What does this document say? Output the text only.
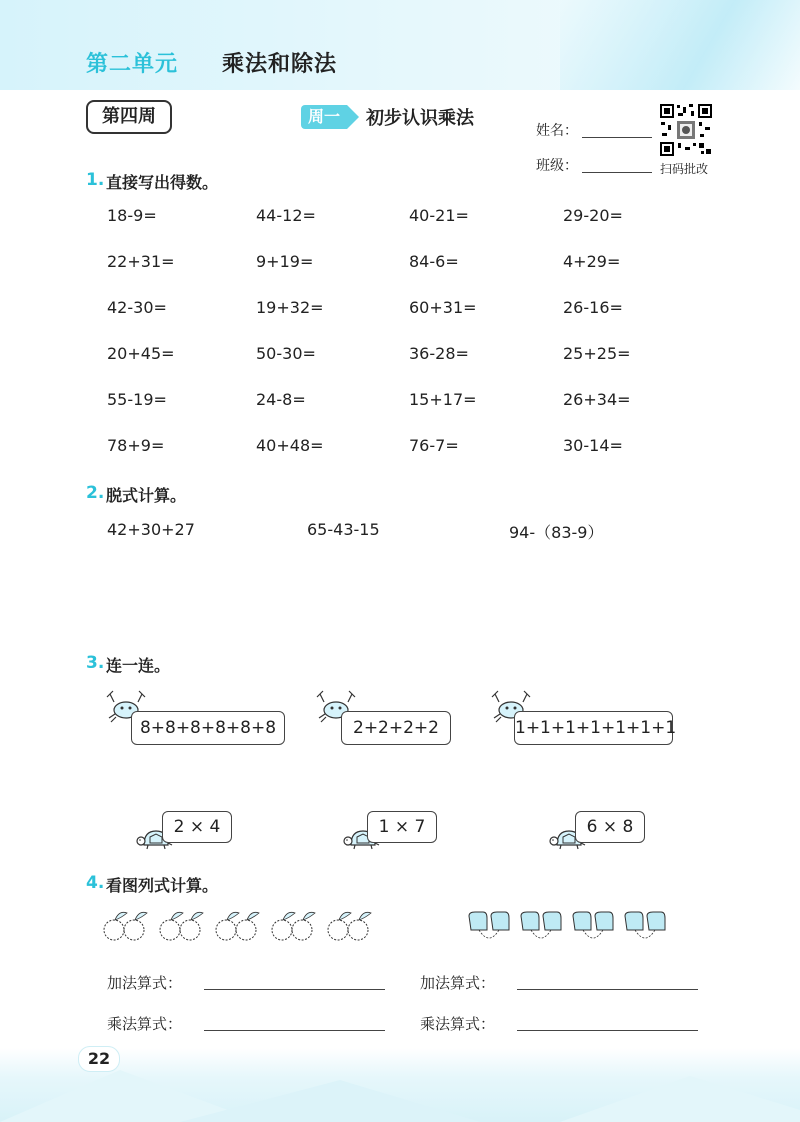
第二单元 乘法和除法
第四周	周一	初步认识乘法
姓名：
班级：	扫码批改
1. 直接写出得数。
18-9=	44-12=	40-21=	29-20=
22+31=	9+19=	84-6=	4+29=
42-30=	19+32=	60+31=	26-16=
20+45=	50-30=	36-28=	25+25=
55-19=	24-8=	15+17=	26+34=
78+9=	40+48=	76-7=	30-14=
2. 脱式计算。
42+30+27	65-43-15	94-（83-9）
3. 连一连。
8+8+8+8+8+8	2+2+2+2	1+1+1+1+1+1+1
2 × 4	1 × 7	6 × 8
4. 看图列式计算。
加法算式：	加法算式：
乘法算式：	乘法算式：
22
